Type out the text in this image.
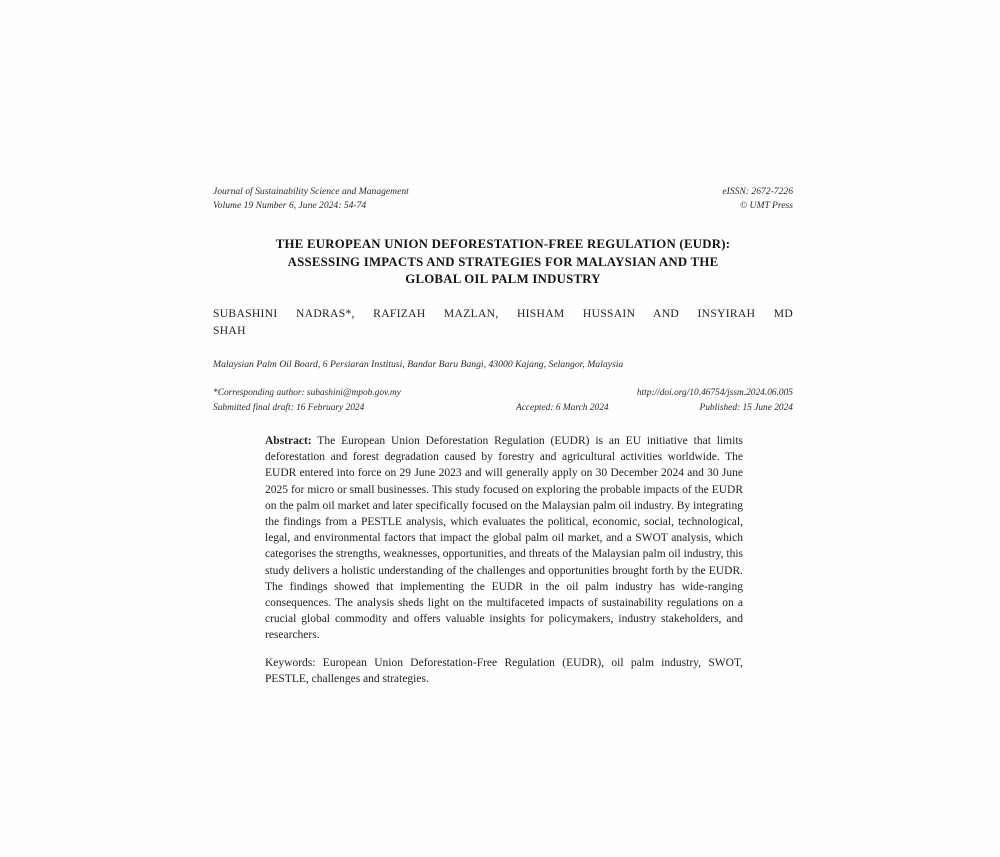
Journal of Sustainability Science and Management
Volume 19 Number 6, June 2024: 54-74
eISSN: 2672-7226
© UMT Press
THE EUROPEAN UNION DEFORESTATION-FREE REGULATION (EUDR):
ASSESSING IMPACTS AND STRATEGIES FOR MALAYSIAN AND THE
GLOBAL OIL PALM INDUSTRY
SUBASHINI NADRAS*, RAFIZAH MAZLAN, HISHAM HUSSAIN AND INSYIRAH MD
SHAH
Malaysian Palm Oil Board, 6 Persiaran Institusi, Bandar Baru Bangi, 43000 Kajang, Selangor, Malaysia
*Corresponding author: subashini@mpob.gov.my	http://doi.org/10.46754/jssm.2024.06.005
Submitted final draft: 16 February 2024	Accepted: 6 March 2024	Published: 15 June 2024

Abstract: The European Union Deforestation Regulation (EUDR) is an EU initiative that limits deforestation and forest degradation caused by forestry and agricultural activities worldwide. The EUDR entered into force on 29 June 2023 and will generally apply on 30 December 2024 and 30 June 2025 for micro or small businesses. This study focused on exploring the probable impacts of the EUDR on the palm oil market and later specifically focused on the Malaysian palm oil industry. By integrating the findings from a PESTLE analysis, which evaluates the political, economic, social, technological, legal, and environmental factors that impact the global palm oil market, and a SWOT analysis, which categorises the strengths, weaknesses, opportunities, and threats of the Malaysian palm oil industry, this study delivers a holistic understanding of the challenges and opportunities brought forth by the EUDR. The findings showed that implementing the EUDR in the oil palm industry has wide-ranging consequences. The analysis sheds light on the multifaceted impacts of sustainability regulations on a crucial global commodity and offers valuable insights for policymakers, industry stakeholders, and researchers.

Keywords: European Union Deforestation-Free Regulation (EUDR), oil palm industry, SWOT, PESTLE, challenges and strategies.
